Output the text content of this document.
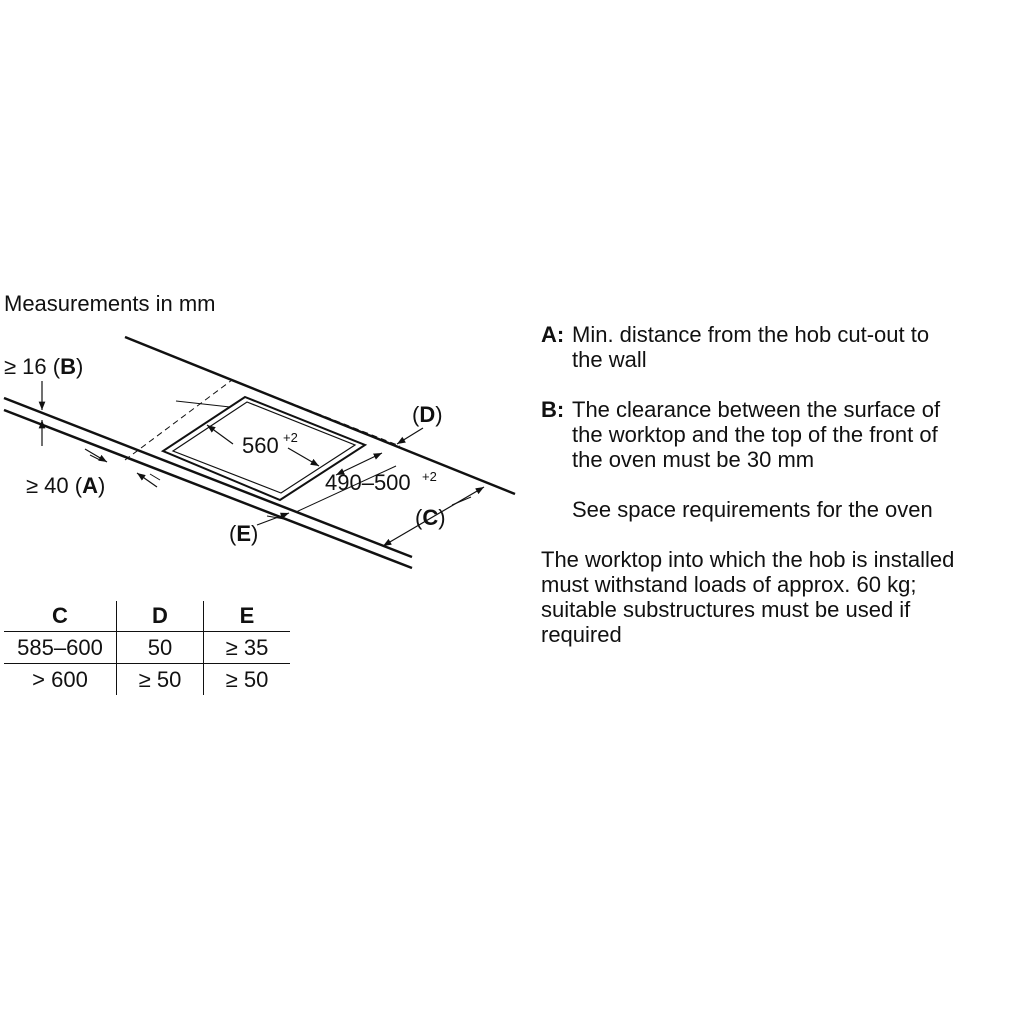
Measurements in mm
≥ 16 (B)
≥ 40 (A)
(D)
(C)
(E)
560 +2
490–500 +2
C	D	E
585–600	50	≥ 35
> 600	≥ 50	≥ 50
A: Min. distance from the hob cut-out to
the wall
B: The clearance between the surface of
the worktop and the top of the front of
the oven must be 30 mm
See space requirements for the oven
The worktop into which the hob is installed
must withstand loads of approx. 60 kg;
suitable substructures must be used if
required
